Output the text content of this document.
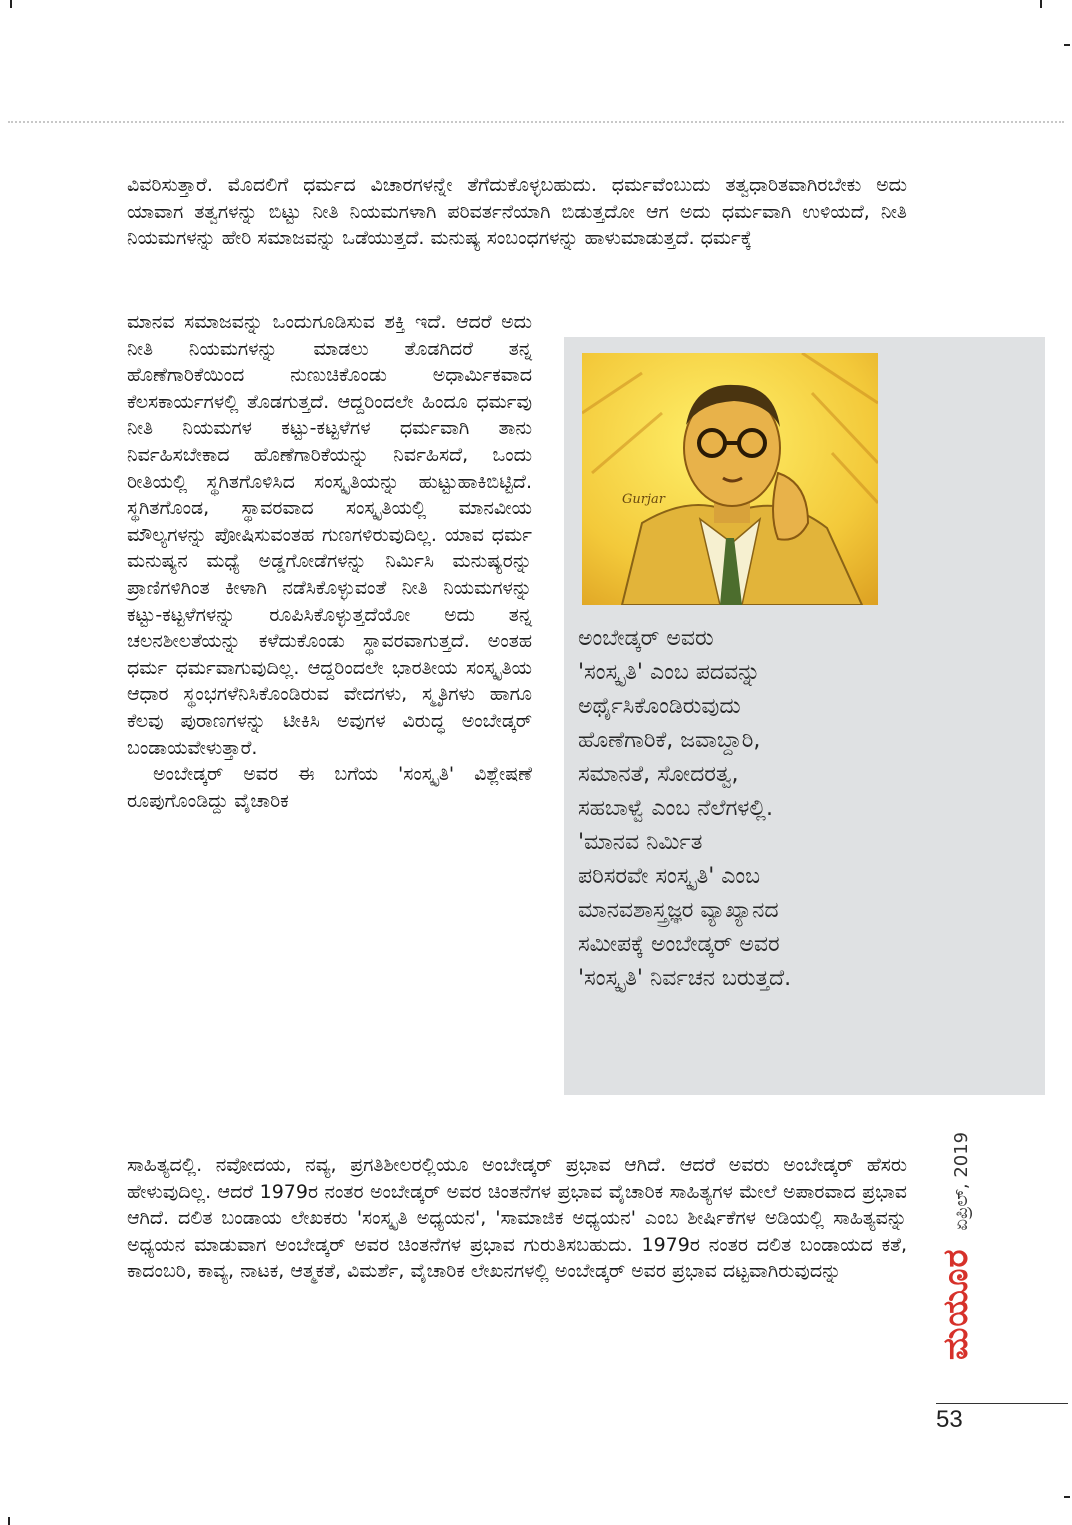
ವಿವರಿಸುತ್ತಾರೆ. ಮೊದಲಿಗೆ ಧರ್ಮದ ವಿಚಾರಗಳನ್ನೇ ತೆಗೆದುಕೊಳ್ಳಬಹುದು. ಧರ್ಮವೆಂಬುದು ತತ್ವಧಾರಿತವಾಗಿರಬೇಕು ಅದು ಯಾವಾಗ ತತ್ವಗಳನ್ನು ಬಿಟ್ಟು ನೀತಿ ನಿಯಮಗಳಾಗಿ ಪರಿವರ್ತನೆಯಾಗಿ ಬಿಡುತ್ತದೋ ಆಗ ಅದು ಧರ್ಮವಾಗಿ ಉಳಿಯದೆ, ನೀತಿ ನಿಯಮಗಳನ್ನು ಹೇರಿ ಸಮಾಜವನ್ನು ಒಡೆಯುತ್ತದೆ. ಮನುಷ್ಯ ಸಂಬಂಧಗಳನ್ನು ಹಾಳುಮಾಡುತ್ತದೆ. ಧರ್ಮಕ್ಕೆ

ಮಾನವ ಸಮಾಜವನ್ನು ಒಂದುಗೂಡಿಸುವ ಶಕ್ತಿ ಇದೆ. ಆದರೆ ಅದು ನೀತಿ ನಿಯಮಗಳನ್ನು ಮಾಡಲು ತೊಡಗಿದರೆ ತನ್ನ ಹೊಣೆಗಾರಿಕೆಯಿಂದ ನುಣುಚಿಕೊಂಡು ಅಧಾರ್ಮಿಕವಾದ ಕೆಲಸಕಾರ್ಯಗಳಲ್ಲಿ ತೊಡಗುತ್ತದೆ. ಆದ್ದರಿಂದಲೇ ಹಿಂದೂ ಧರ್ಮವು ನೀತಿ ನಿಯಮಗಳ ಕಟ್ಟು-ಕಟ್ಟಳೆಗಳ ಧರ್ಮವಾಗಿ ತಾನು ನಿರ್ವಹಿಸಬೇಕಾದ ಹೊಣೆಗಾರಿಕೆಯನ್ನು ನಿರ್ವಹಿಸದೆ, ಒಂದು ರೀತಿಯಲ್ಲಿ ಸ್ಥಗಿತಗೊಳಿಸಿದ ಸಂಸ್ಕೃತಿಯನ್ನು ಹುಟ್ಟುಹಾಕಿಬಿಟ್ಟಿದೆ. ಸ್ಥಗಿತಗೊಂಡ, ಸ್ಥಾವರವಾದ ಸಂಸ್ಕೃತಿಯಲ್ಲಿ ಮಾನವೀಯ ಮೌಲ್ಯಗಳನ್ನು ಪೋಷಿಸುವಂತಹ ಗುಣಗಳಿರುವುದಿಲ್ಲ. ಯಾವ ಧರ್ಮ ಮನುಷ್ಯನ ಮಧ್ಯೆ ಅಡ್ಡಗೋಡೆಗಳನ್ನು ನಿರ್ಮಿಸಿ ಮನುಷ್ಯರನ್ನು ಪ್ರಾಣಿಗಳಿಗಿಂತ ಕೀಳಾಗಿ ನಡೆಸಿಕೊಳ್ಳುವಂತೆ ನೀತಿ ನಿಯಮಗಳನ್ನು ಕಟ್ಟು-ಕಟ್ಟಳೆಗಳನ್ನು ರೂಪಿಸಿಕೊಳ್ಳುತ್ತದೆಯೋ ಅದು ತನ್ನ ಚಲನಶೀಲತೆಯನ್ನು ಕಳೆದುಕೊಂಡು ಸ್ಥಾವರವಾಗುತ್ತದೆ. ಅಂತಹ ಧರ್ಮ ಧರ್ಮವಾಗುವುದಿಲ್ಲ. ಆದ್ದರಿಂದಲೇ ಭಾರತೀಯ ಸಂಸ್ಕೃತಿಯ ಆಧಾರ ಸ್ಥಂಭಗಳೆನಿಸಿಕೊಂಡಿರುವ ವೇದಗಳು, ಸ್ಮೃತಿಗಳು ಹಾಗೂ ಕೆಲವು ಪುರಾಣಗಳನ್ನು ಟೀಕಿಸಿ ಅವುಗಳ ವಿರುದ್ಧ ಅಂಬೇಡ್ಕರ್ ಬಂಡಾಯವೇಳುತ್ತಾರೆ.
ಅಂಬೇಡ್ಕರ್ ಅವರ ಈ ಬಗೆಯ 'ಸಂಸ್ಕೃತಿ' ವಿಶ್ಲೇಷಣೆ ರೂಪುಗೊಂಡಿದ್ದು ವೈಚಾರಿಕ
Gurjar
ಅಂಬೇಡ್ಕರ್ ಅವರು
'ಸಂಸ್ಕೃತಿ' ಎಂಬ ಪದವನ್ನು
ಅರ್ಥೈಸಿಕೊಂಡಿರುವುದು
ಹೊಣೆಗಾರಿಕೆ, ಜವಾಬ್ದಾರಿ,
ಸಮಾನತೆ, ಸೋದರತ್ವ,
ಸಹಬಾಳ್ವೆ ಎಂಬ ನೆಲೆಗಳಲ್ಲಿ.
'ಮಾನವ ನಿರ್ಮಿತ
ಪರಿಸರವೇ ಸಂಸ್ಕೃತಿ' ಎಂಬ
ಮಾನವಶಾಸ್ತ್ರಜ್ಞರ ವ್ಯಾಖ್ಯಾನದ
ಸಮೀಪಕ್ಕೆ ಅಂಬೇಡ್ಕರ್ ಅವರ
'ಸಂಸ್ಕೃತಿ' ನಿರ್ವಚನ ಬರುತ್ತದೆ.

ಸಾಹಿತ್ಯದಲ್ಲಿ. ನವೋದಯ, ನವ್ಯ, ಪ್ರಗತಿಶೀಲರಲ್ಲಿಯೂ ಅಂಬೇಡ್ಕರ್ ಪ್ರಭಾವ ಆಗಿದೆ. ಆದರೆ ಅವರು ಅಂಬೇಡ್ಕರ್ ಹೆಸರು ಹೇಳುವುದಿಲ್ಲ. ಆದರೆ 1979ರ ನಂತರ ಅಂಬೇಡ್ಕರ್ ಅವರ ಚಿಂತನೆಗಳ ಪ್ರಭಾವ ವೈಚಾರಿಕ ಸಾಹಿತ್ಯಗಳ ಮೇಲೆ ಅಪಾರವಾದ ಪ್ರಭಾವ ಆಗಿದೆ. ದಲಿತ ಬಂಡಾಯ ಲೇಖಕರು 'ಸಂಸ್ಕೃತಿ ಅಧ್ಯಯನ', 'ಸಾಮಾಜಿಕ ಅಧ್ಯಯನ' ಎಂಬ ಶೀರ್ಷಿಕೆಗಳ ಅಡಿಯಲ್ಲಿ ಸಾಹಿತ್ಯವನ್ನು ಅಧ್ಯಯನ ಮಾಡುವಾಗ ಅಂಬೇಡ್ಕರ್ ಅವರ ಚಿಂತನೆಗಳ ಪ್ರಭಾವ ಗುರುತಿಸಬಹುದು. 1979ರ ನಂತರ ದಲಿತ ಬಂಡಾಯದ ಕತೆ, ಕಾದಂಬರಿ, ಕಾವ್ಯ, ನಾಟಕ, ಆತ್ಮಕತೆ, ವಿಮರ್ಶೆ, ವೈಚಾರಿಕ ಲೇಖನಗಳಲ್ಲಿ ಅಂಬೇಡ್ಕರ್ ಅವರ ಪ್ರಭಾವ ದಟ್ಟವಾಗಿರುವುದನ್ನು	ಮಯೂರ
ಏಪ್ರಿಲ್, 2019
53
